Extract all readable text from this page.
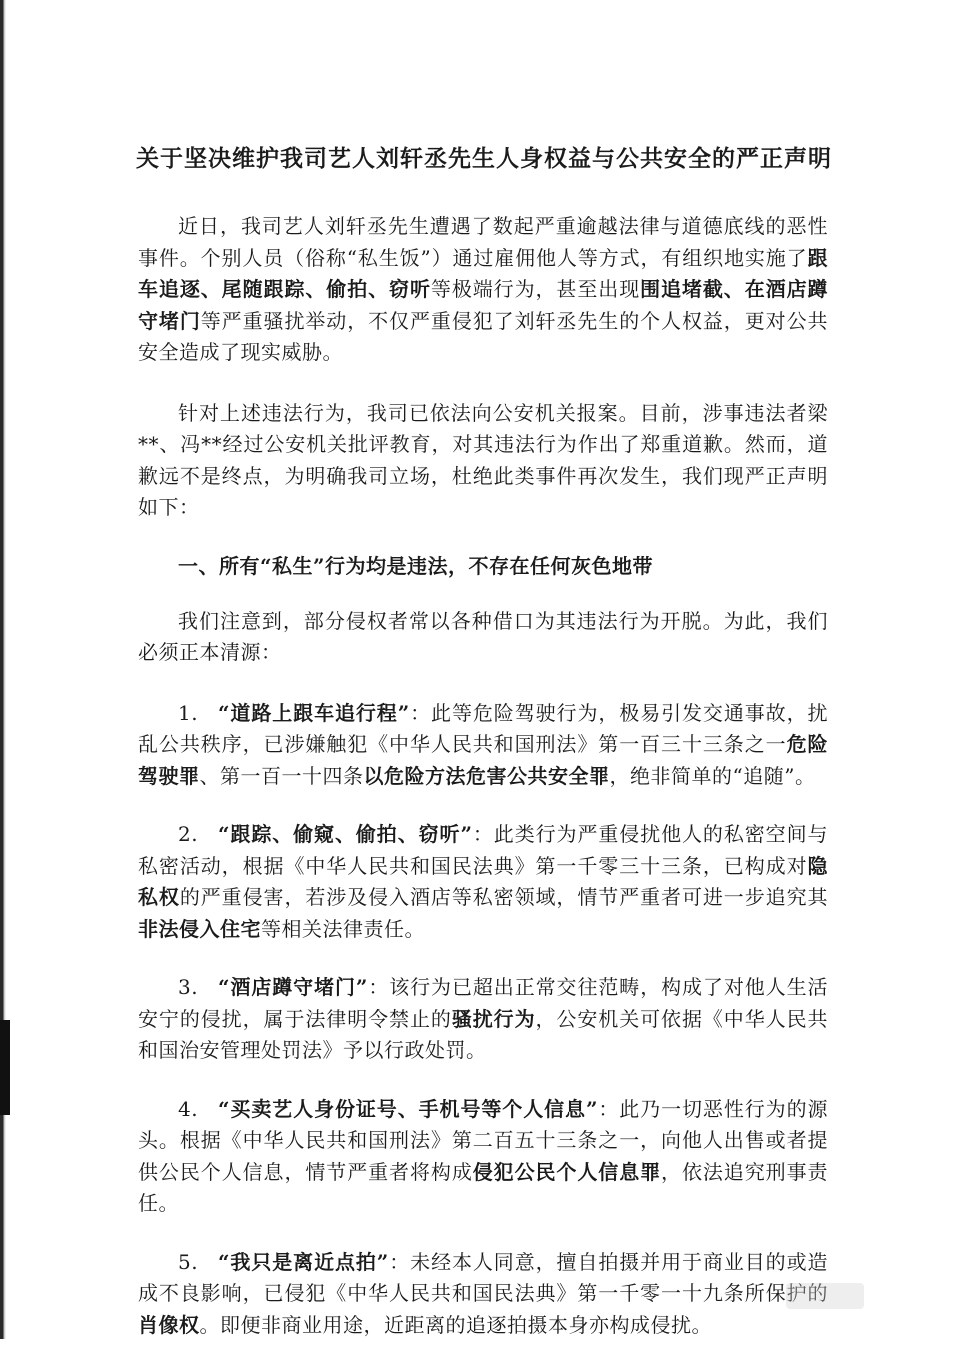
关于坚决维护我司艺人刘轩丞先生人身权益与公共安全的严正声明

近日，我司艺人刘轩丞先生遭遇了数起严重逾越法律与道德底线的恶性事件。个别人员（俗称“私生饭”）通过雇佣他人等方式，有组织地实施了跟车追逐、尾随跟踪、偷拍、窃听等极端行为，甚至出现围追堵截、在酒店蹲守堵门等严重骚扰举动，不仅严重侵犯了刘轩丞先生的个人权益，更对公共安全造成了现实威胁。

针对上述违法行为，我司已依法向公安机关报案。目前，涉事违法者梁**、冯**经过公安机关批评教育，对其违法行为作出了郑重道歉。然而，道歉远不是终点，为明确我司立场，杜绝此类事件再次发生，我们现严正声明如下：

一、所有“私生”行为均是违法，不存在任何灰色地带

我们注意到，部分侵权者常以各种借口为其违法行为开脱。为此，我们必须正本清源：

1. “道路上跟车追行程”：此等危险驾驶行为，极易引发交通事故，扰乱公共秩序，已涉嫌触犯《中华人民共和国刑法》第一百三十三条之一危险驾驶罪、第一百一十四条以危险方法危害公共安全罪，绝非简单的“追随”。

2. “跟踪、偷窥、偷拍、窃听”：此类行为严重侵扰他人的私密空间与私密活动，根据《中华人民共和国民法典》第一千零三十三条，已构成对隐私权的严重侵害，若涉及侵入酒店等私密领域，情节严重者可进一步追究其非法侵入住宅等相关法律责任。

3. “酒店蹲守堵门”：该行为已超出正常交往范畴，构成了对他人生活安宁的侵扰，属于法律明令禁止的骚扰行为，公安机关可依据《中华人民共和国治安管理处罚法》予以行政处罚。

4. “买卖艺人身份证号、手机号等个人信息”：此乃一切恶性行为的源头。根据《中华人民共和国刑法》第二百五十三条之一，向他人出售或者提供公民个人信息，情节严重者将构成侵犯公民个人信息罪，依法追究刑事责任。

5. “我只是离近点拍”：未经本人同意，擅自拍摄并用于商业目的或造成不良影响，已侵犯《中华人民共和国民法典》第一千零一十九条所保护的肖像权。即便非商业用途，近距离的追逐拍摄本身亦构成侵扰。
